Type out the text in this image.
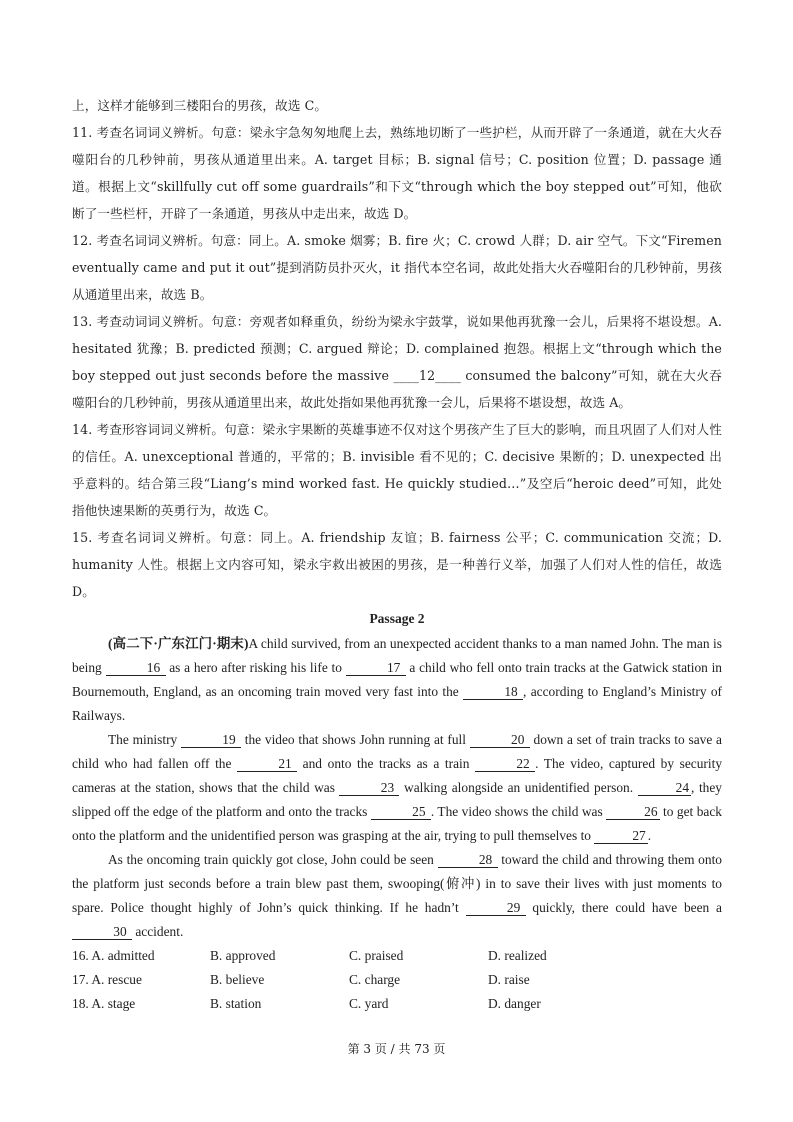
上，这样才能够到三楼阳台的男孩，故选 C。

11. 考查名词词义辨析。句意：梁永宇急匆匆地爬上去，熟练地切断了一些护栏，从而开辟了一条通道，就在大火吞噬阳台的几秒钟前，男孩从通道里出来。A. target 目标；B. signal 信号；C. position 位置；D. passage 通道。根据上文“skillfully cut off some guardrails”和下文“through which the boy stepped out”可知，他砍断了一些栏杆，开辟了一条通道，男孩从中走出来，故选 D。

12. 考查名词词义辨析。句意：同上。A. smoke 烟雾；B. fire 火；C. crowd 人群；D. air 空气。下文“Firemen eventually came and put it out”提到消防员扑灭火，it 指代本空名词，故此处指大火吞噬阳台的几秒钟前，男孩从通道里出来，故选 B。

13. 考查动词词义辨析。句意：旁观者如释重负，纷纷为梁永宇鼓掌，说如果他再犹豫一会儿，后果将不堪设想。A. hesitated 犹豫；B. predicted 预测；C. argued 辩论；D. complained 抱怨。根据上文“through which the boy stepped out just seconds before the massive ____12____ consumed the balcony”可知，就在大火吞噬阳台的几秒钟前，男孩从通道里出来，故此处指如果他再犹豫一会儿，后果将不堪设想，故选 A。

14. 考查形容词词义辨析。句意：梁永宇果断的英雄事迹不仅对这个男孩产生了巨大的影响，而且巩固了人们对人性的信任。A. unexceptional 普通的，平常的；B. invisible 看不见的；C. decisive 果断的；D. unexpected 出乎意料的。结合第三段“Liang’s mind worked fast. He quickly studied…”及空后“heroic deed”可知，此处指他快速果断的英勇行为，故选 C。

15. 考查名词词义辨析。句意：同上。A. friendship 友谊；B. fairness 公平；C. communication 交流；D. humanity 人性。根据上文内容可知，梁永宇救出被困的男孩，是一种善行义举，加强了人们对人性的信任，故选 D。

Passage 2

(高二下·广东江门·期末)A child survived, from an unexpected accident thanks to a man named John. The man is being	16 as a hero after risking his life to	17 a child who fell onto train tracks at the Gatwick station in Bournemouth, England, as an oncoming train moved very fast into the	18 , according to England’s Ministry of Railways.

The ministry	19 the video that shows John running at full	20 down a set of train tracks to save a child who had fallen off the	21 and onto the tracks as a train	22 . The video, captured by security cameras at the station, shows that the child was	23 walking alongside an unidentified person.	24 , they slipped off the edge of the platform and onto the tracks	25 . The video shows the child was	26 to get back onto the platform and the unidentified person was grasping at the air, trying to pull themselves to	27 .

As the oncoming train quickly got close, John could be seen	28 toward the child and throwing them onto the platform just seconds before a train blew past them, swooping(俯冲) in to save their lives with just moments to spare. Police thought highly of John’s quick thinking. If he hadn’t	29 quickly, there could have been a 30 accident.

16. A. admitted	B. approved	C. praised	D. realized
17. A. rescue	B. believe	C. charge	D. raise
18. A. stage	B. station	C. yard	D. danger
第 3 页 / 共 73 页
